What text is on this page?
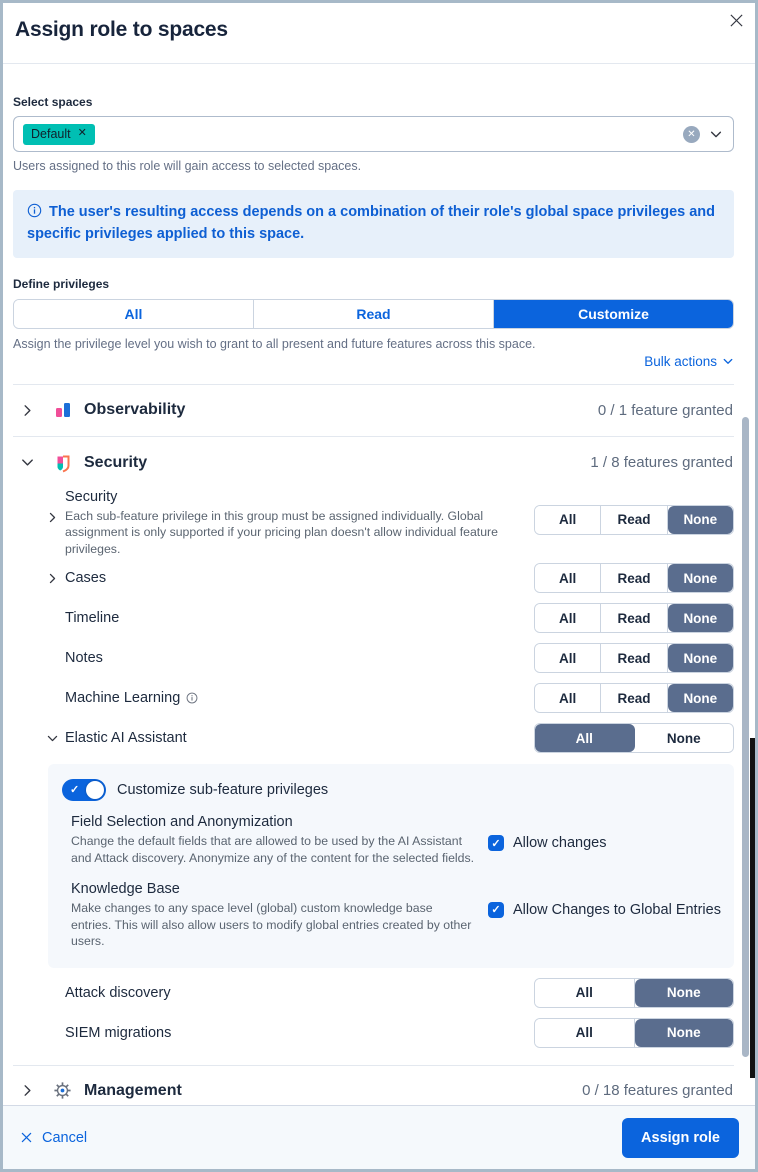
Assign role to spaces
Select spaces
Default ✕	✕
Users assigned to this role will gain access to selected spaces.
The user's resulting access depends on a combination of their role's global space privileges and specific privileges applied to this space.
Define privileges
All	Read	Customize
Assign the privilege level you wish to grant to all present and future features across this space.
Bulk actions
Observability	0 / 1 feature granted
Security	1 / 8 features granted
Security
Each sub-feature privilege in this group must be assigned individually. Global assignment is only supported if your pricing plan doesn't allow individual feature privileges.
All	Read	None
Cases	All	Read	None
Timeline	All	Read	None
Notes	All	Read	None
Machine Learning	All	Read	None
Elastic AI Assistant	All	None
✓	Customize sub-feature privileges
Field Selection and Anonymization
Change the default fields that are allowed to be used by the AI Assistant and Attack discovery. Anonymize any of the content for the selected fields.
✓ Allow changes
Knowledge Base
Make changes to any space level (global) custom knowledge base entries. This will also allow users to modify global entries created by other users.
✓ Allow Changes to Global Entries
Attack discovery	All	None
SIEM migrations	All	None
Management	0 / 18 features granted
Cancel	Assign role
